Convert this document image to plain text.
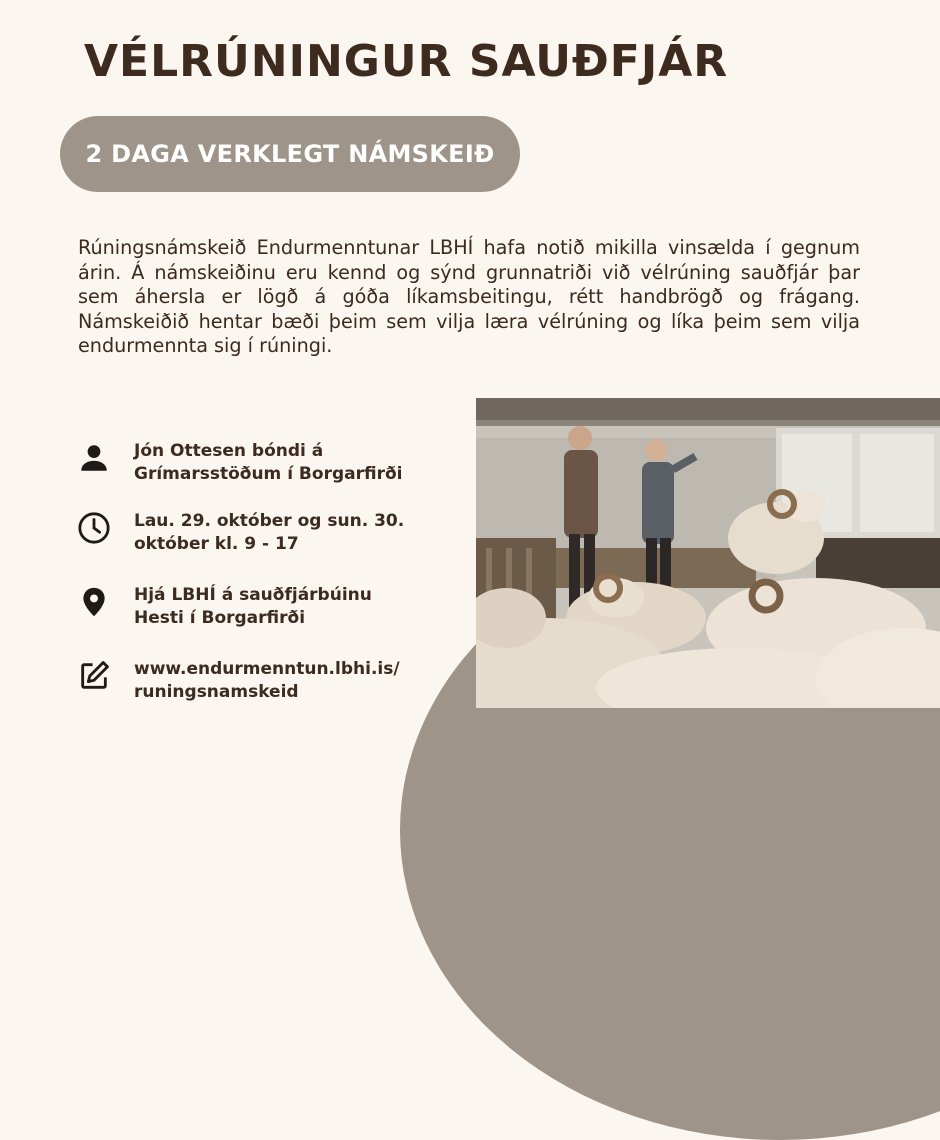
VÉLRÚNINGUR SAUÐFJÁR
2 DAGA VERKLEGT NÁMSKEIÐ

Rúningsnámskeið Endurmenntunar LBHÍ hafa notið mikilla vinsælda í gegnum árin. Á námskeiðinu eru kennd og sýnd grunnatriði við vélrúning sauðfjár þar sem áhersla er lögð á góða líkamsbeitingu, rétt handbrögð og frágang. Námskeiðið hentar bæði þeim sem vilja læra vélrúning og líka þeim sem vilja endurmennta sig í rúningi.

Jón Ottesen bóndi á
Grímarsstöðum í Borgarfirði
Lau. 29. október og sun. 30.
október kl. 9 - 17
Hjá LBHÍ á sauðfjárbúinu
Hesti í Borgarfirði
www.endurmenntun.lbhi.is/
runingsnamskeid
